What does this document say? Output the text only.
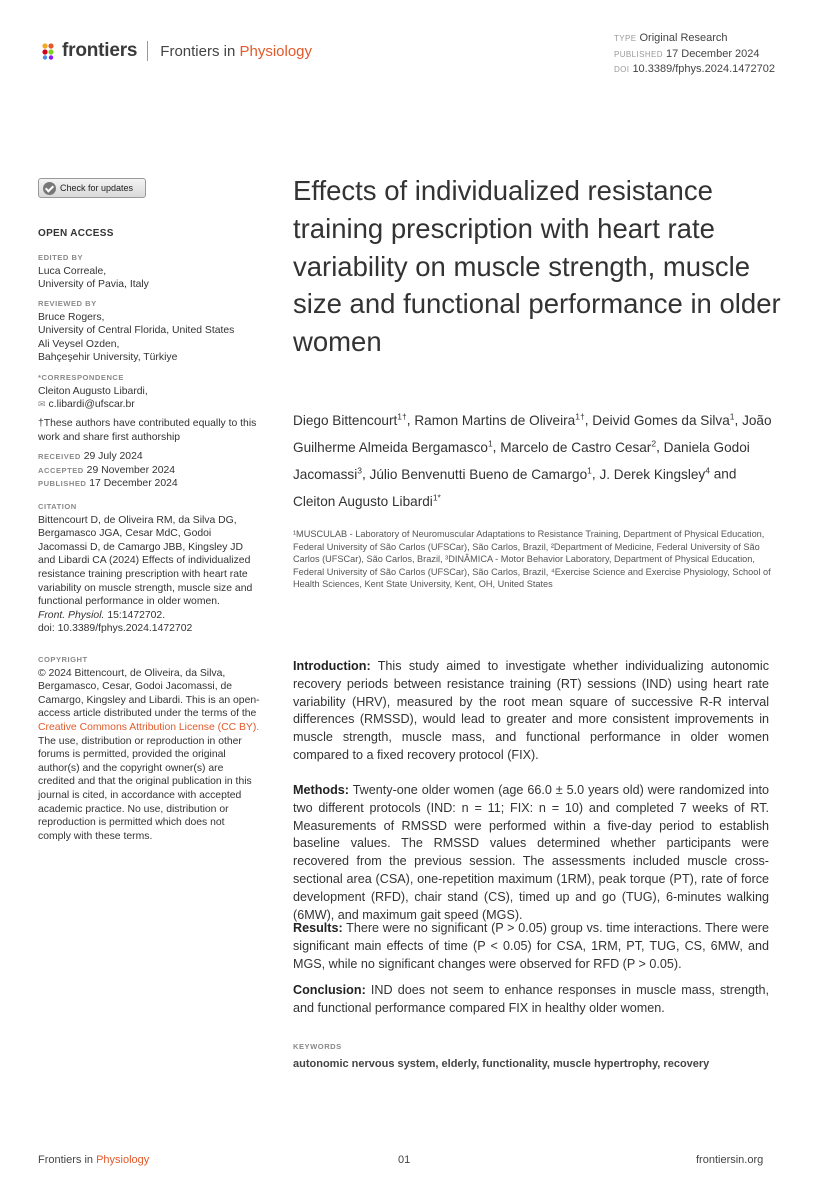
frontiers Frontiers in Physiology
TYPE Original Research
PUBLISHED 17 December 2024
DOI 10.3389/fphys.2024.1472702
Check for updates
OPEN ACCESS
EDITED BY
Luca Correale,
University of Pavia, Italy
REVIEWED BY
Bruce Rogers,
University of Central Florida, United States
Ali Veysel Ozden,
Bahçeşehir University, Türkiye
*CORRESPONDENCE
Cleiton Augusto Libardi,
✉ c.libardi@ufscar.br
†These authors have contributed equally to this work and share first authorship
RECEIVED 29 July 2024
ACCEPTED 29 November 2024
PUBLISHED 17 December 2024
CITATION
Bittencourt D, de Oliveira RM, da Silva DG, Bergamasco JGA, Cesar MdC, Godoi Jacomassi D, de Camargo JBB, Kingsley JD and Libardi CA (2024) Effects of individualized resistance training prescription with heart rate variability on muscle strength, muscle size and functional performance in older women.
Front. Physiol. 15:1472702.
doi: 10.3389/fphys.2024.1472702
COPYRIGHT
© 2024 Bittencourt, de Oliveira, da Silva, Bergamasco, Cesar, Godoi Jacomassi, de Camargo, Kingsley and Libardi. This is an open-access article distributed under the terms of the Creative Commons Attribution License (CC BY). The use, distribution or reproduction in other forums is permitted, provided the original author(s) and the copyright owner(s) are credited and that the original publication in this journal is cited, in accordance with accepted academic practice. No use, distribution or reproduction is permitted which does not comply with these terms.
Effects of individualized resistance training prescription with heart rate variability on muscle strength, muscle size and functional performance in older women
Diego Bittencourt$^{1\dagger}$, Ramon Martins de Oliveira$^{1\dagger}$, Deivid Gomes da Silva$^1$, João Guilherme Almeida Bergamasco$^1$, Marcelo de Castro Cesar$^2$, Daniela Godoi Jacomassi$^3$, Júlio Benvenutti Bueno de Camargo$^1$, J. Derek Kingsley$^4$ and Cleiton Augusto Libardi$^{1*}$
¹MUSCULAB - Laboratory of Neuromuscular Adaptations to Resistance Training, Department of Physical Education, Federal University of São Carlos (UFSCar), São Carlos, Brazil, ²Department of Medicine, Federal University of São Carlos (UFSCar), São Carlos, Brazil, ³DINÂMICA - Motor Behavior Laboratory, Department of Physical Education, Federal University of São Carlos (UFSCar), São Carlos, Brazil, ⁴Exercise Science and Exercise Physiology, School of Health Sciences, Kent State University, Kent, OH, United States
Introduction: This study aimed to investigate whether individualizing autonomic recovery periods between resistance training (RT) sessions (IND) using heart rate variability (HRV), measured by the root mean square of successive R-R interval differences (RMSSD), would lead to greater and more consistent improvements in muscle strength, muscle mass, and functional performance in older women compared to a fixed recovery protocol (FIX).
Methods: Twenty-one older women (age 66.0 ± 5.0 years old) were randomized into two different protocols (IND: n = 11; FIX: n = 10) and completed 7 weeks of RT. Measurements of RMSSD were performed within a five-day period to establish baseline values. The RMSSD values determined whether participants were recovered from the previous session. The assessments included muscle cross-sectional area (CSA), one-repetition maximum (1RM), peak torque (PT), rate of force development (RFD), chair stand (CS), timed up and go (TUG), 6-minutes walking (6MW), and maximum gait speed (MGS).
Results: There were no significant (P > 0.05) group vs. time interactions. There were significant main effects of time (P < 0.05) for CSA, 1RM, PT, TUG, CS, 6MW, and MGS, while no significant changes were observed for RFD (P > 0.05).
Conclusion: IND does not seem to enhance responses in muscle mass, strength, and functional performance compared FIX in healthy older women.
KEYWORDS
autonomic nervous system, elderly, functionality, muscle hypertrophy, recovery
Frontiers in Physiology	01	frontiersin.org
